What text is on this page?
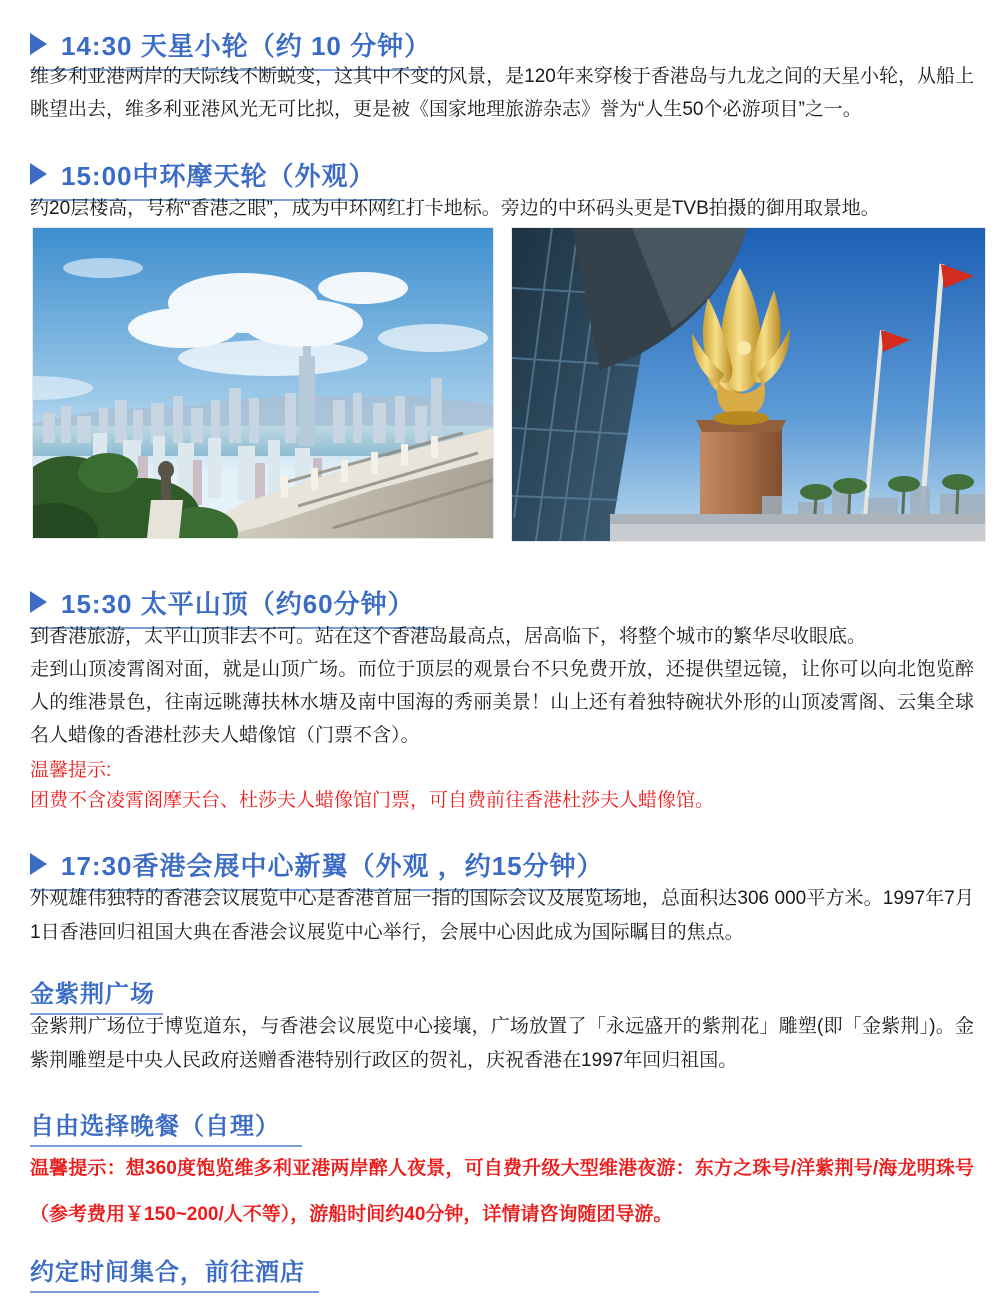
14:30 天星小轮（约 10 分钟）

维多利亚港两岸的天际线不断蜕变，这其中不变的风景，是120年来穿梭于香港岛与九龙之间的天星小轮，从船上眺望出去，维多利亚港风光无可比拟，更是被《国家地理旅游杂志》誉为“人生50个必游项目”之一。

15:00中环摩天轮（外观）

约20层楼高，号称“香港之眼”，成为中环网红打卡地标。旁边的中环码头更是TVB拍摄的御用取景地。

15:30 太平山顶（约60分钟）

到香港旅游，太平山顶非去不可。站在这个香港岛最高点，居高临下，将整个城市的繁华尽收眼底。

走到山顶凌霄阁对面，就是山顶广场。而位于顶层的观景台不只免费开放，还提供望远镜，让你可以向北饱览醉人的维港景色，往南远眺薄扶林水塘及南中国海的秀丽美景！山上还有着独特碗状外形的山顶凌霄阁、云集全球名人蜡像的香港杜莎夫人蜡像馆（门票不含）。

温馨提示:

团费不含凌霄阁摩天台、杜莎夫人蜡像馆门票，可自费前往香港杜莎夫人蜡像馆。

17:30香港会展中心新翼（外观 ，约15分钟）

外观雄伟独特的香港会议展览中心是香港首屈一指的国际会议及展览场地，总面积达306 000平方米。1997年7月1日香港回归祖国大典在香港会议展览中心举行，会展中心因此成为国际瞩目的焦点。

金紫荆广场

金紫荆广场位于博览道东，与香港会议展览中心接壤，广场放置了「永远盛开的紫荆花」雕塑(即「金紫荆」)。金紫荆雕塑是中央人民政府送赠香港特别行政区的贺礼，庆祝香港在1997年回归祖国。

自由选择晚餐（自理）

温馨提示：想360度饱览维多利亚港两岸醉人夜景，可自费升级大型维港夜游：东方之珠号/洋紫荆号/海龙明珠号（参考费用￥150~200/人不等），游船时间约40分钟，详情请咨询随团导游。

约定时间集合，前往酒店
